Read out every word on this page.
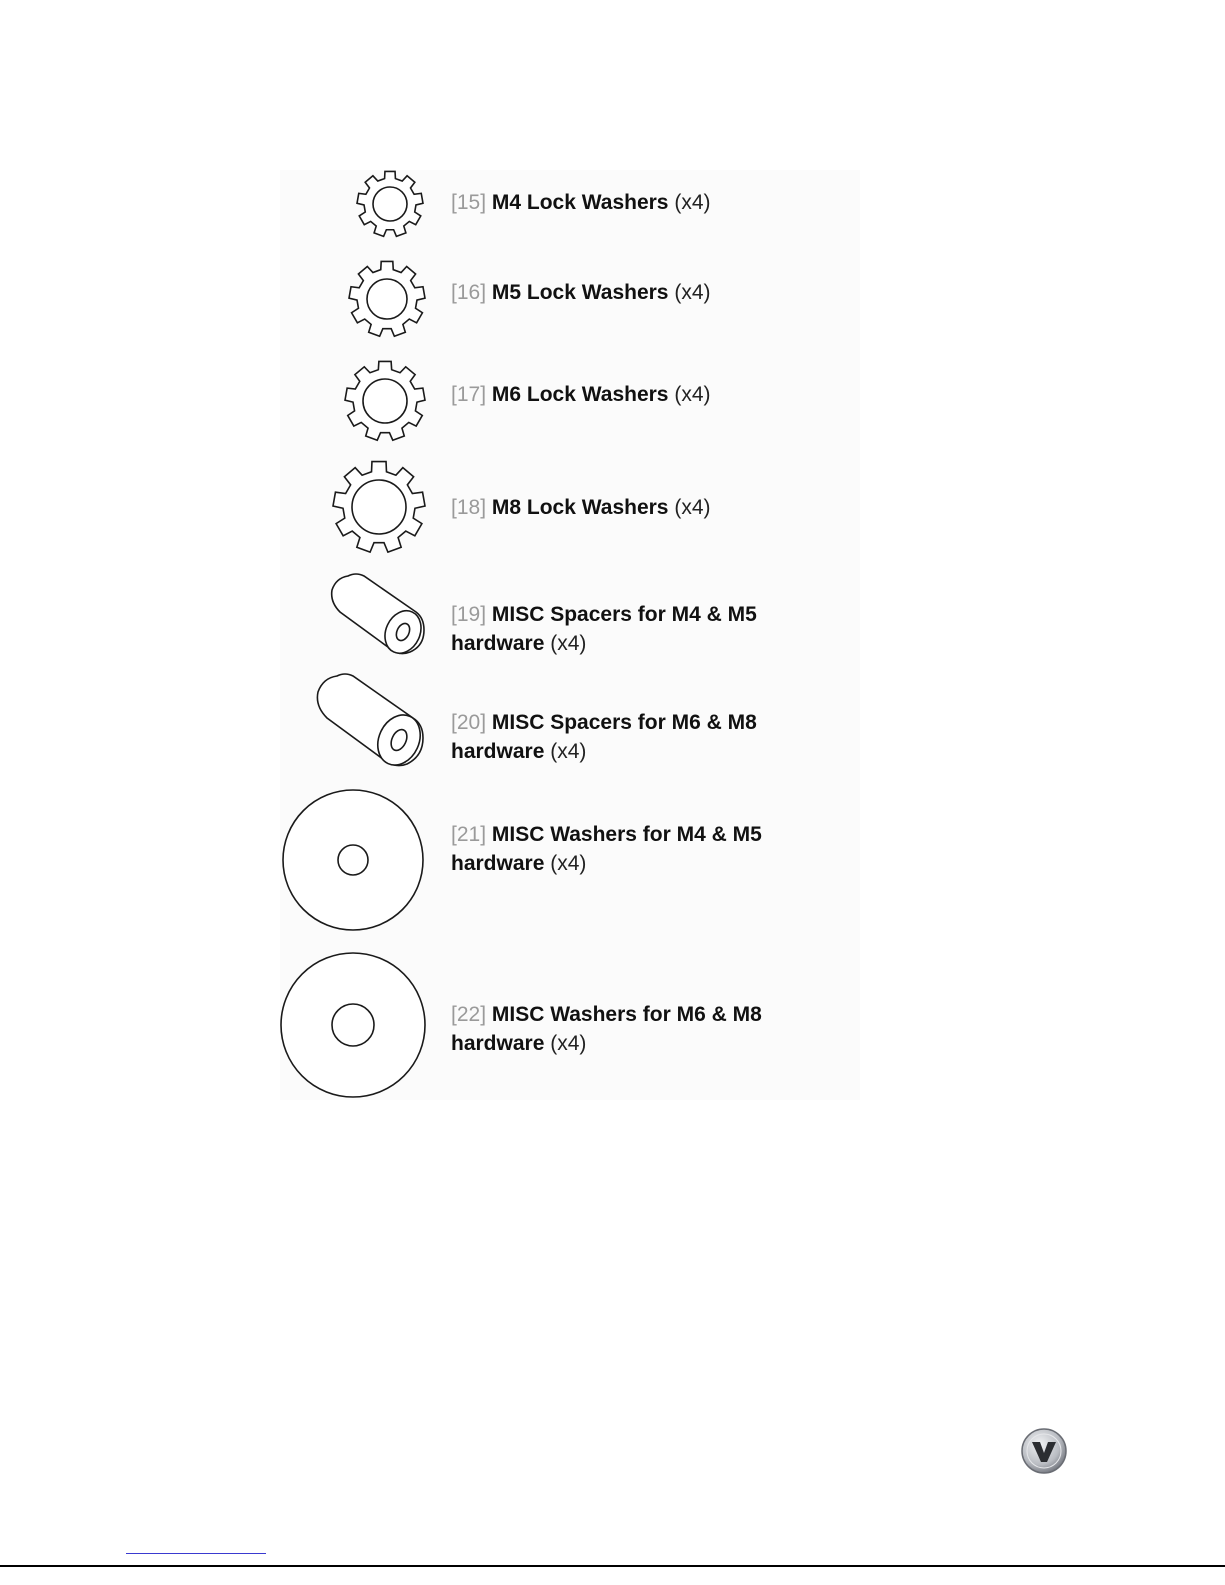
[15] M4 Lock Washers (x4)
[16] M5 Lock Washers (x4)
[17] M6 Lock Washers (x4)
[18] M8 Lock Washers (x4)
[19] MISC Spacers for M4 & M5 hardware (x4)
[20] MISC Spacers for M6 & M8 hardware (x4)
[21] MISC Washers for M4 & M5 hardware (x4)
[22] MISC Washers for M6 & M8 hardware (x4)
